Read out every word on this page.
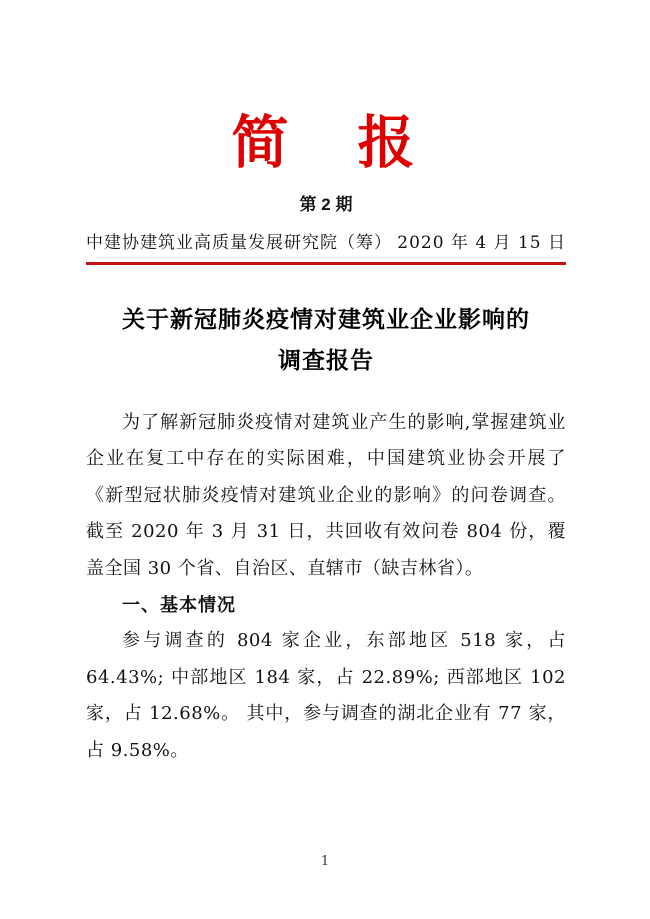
简　报
第 2 期
中建协建筑业高质量发展研究院（筹） 2020 年 4 月 15 日
关于新冠肺炎疫情对建筑业企业影响的
调查报告

为了解新冠肺炎疫情对建筑业产生的影响,掌握建筑业企业在复工中存在的实际困难，中国建筑业协会开展了《新型冠状肺炎疫情对建筑业企业的影响》的问卷调查。截至 2020 年 3 月 31 日，共回收有效问卷 804 份，覆盖全国 30 个省、自治区、直辖市（缺吉林省）。

一、基本情况

参与调查的 804 家企业，东部地区 518 家，占 64.43%; 中部地区 184 家，占 22.89%; 西部地区 102 家，占 12.68%。 其中，参与调查的湖北企业有 77 家，占 9.58%。

1
